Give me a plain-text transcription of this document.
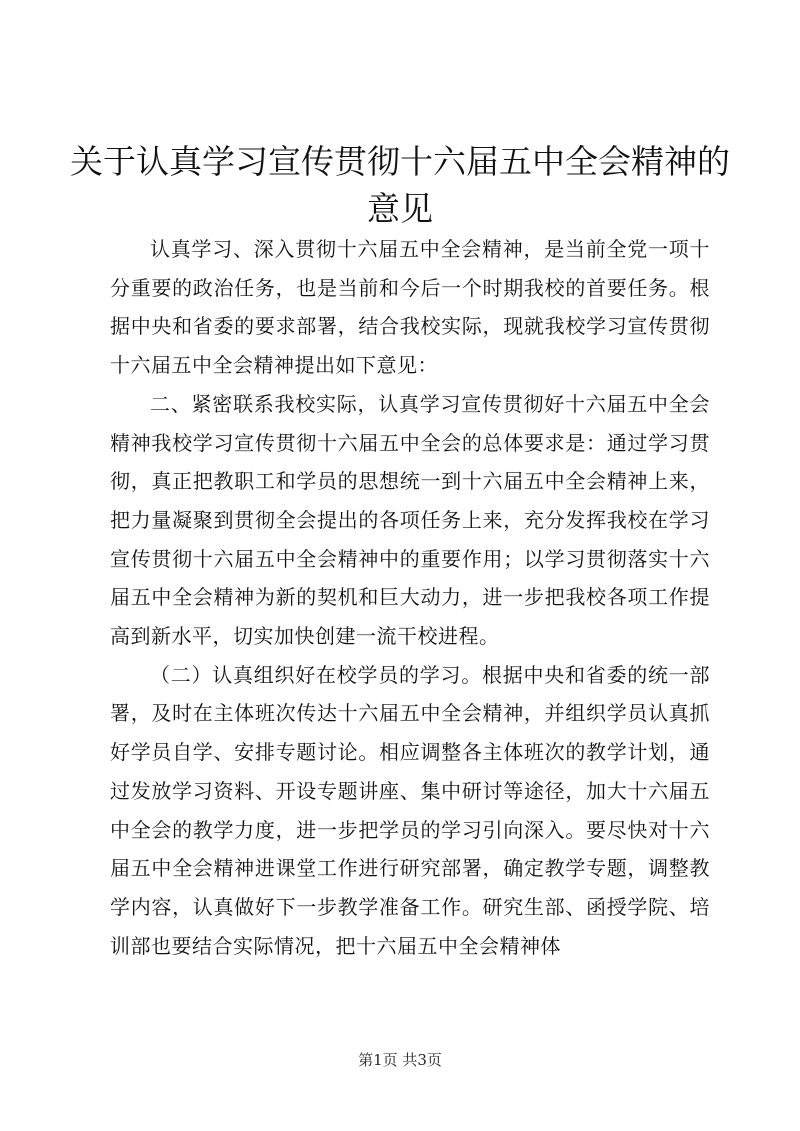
关于认真学习宣传贯彻十六届五中全会精神的意见

认真学习、深入贯彻十六届五中全会精神，是当前全党一项十分重要的政治任务，也是当前和今后一个时期我校的首要任务。根据中央和省委的要求部署，结合我校实际，现就我校学习宣传贯彻十六届五中全会精神提出如下意见：

二、紧密联系我校实际，认真学习宣传贯彻好十六届五中全会精神我校学习宣传贯彻十六届五中全会的总体要求是：通过学习贯彻，真正把教职工和学员的思想统一到十六届五中全会精神上来，把力量凝聚到贯彻全会提出的各项任务上来，充分发挥我校在学习宣传贯彻十六届五中全会精神中的重要作用；以学习贯彻落实十六届五中全会精神为新的契机和巨大动力，进一步把我校各项工作提高到新水平，切实加快创建一流干校进程。

（二）认真组织好在校学员的学习。根据中央和省委的统一部署，及时在主体班次传达十六届五中全会精神，并组织学员认真抓好学员自学、安排专题讨论。相应调整各主体班次的教学计划，通过发放学习资料、开设专题讲座、集中研讨等途径，加大十六届五中全会的教学力度，进一步把学员的学习引向深入。要尽快对十六届五中全会精神进课堂工作进行研究部署，确定教学专题，调整教学内容，认真做好下一步教学准备工作。研究生部、函授学院、培训部也要结合实际情况，把十六届五中全会精神体

第1页 共3页
